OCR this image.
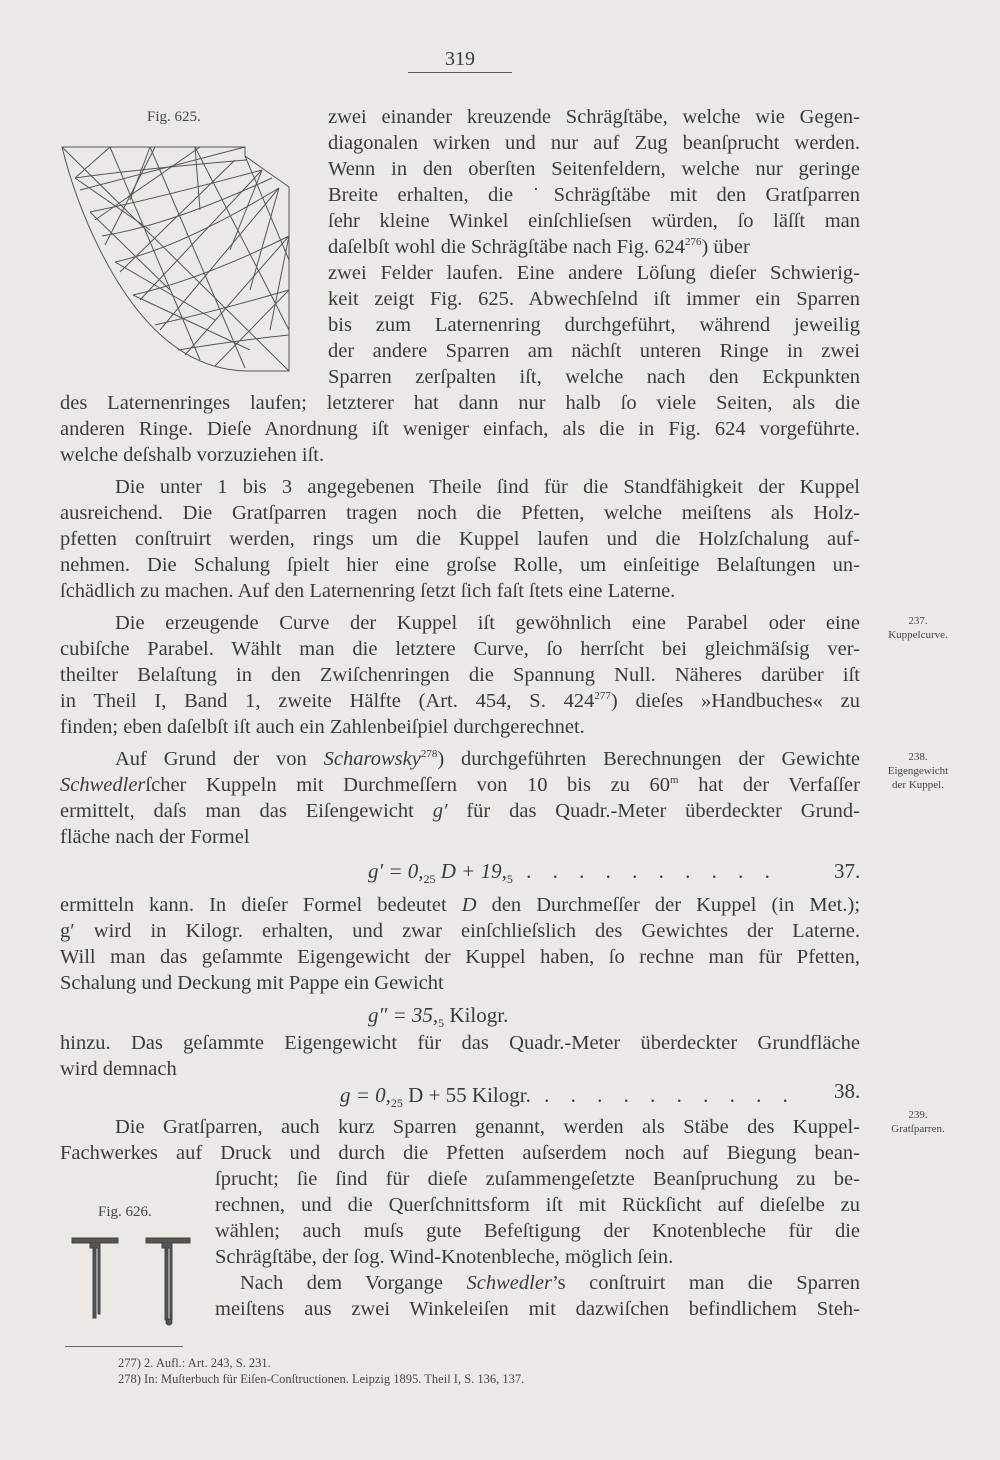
319
Fig. 625.	zwei einander kreuzende Schrägſtäbe, welche wie Gegen-
diagonalen wirken und nur auf Zug beanſprucht werden.
Wenn in den oberſten Seitenfeldern, welche nur geringe
Breite erhalten, die ˙Schrägſtäbe mit den Gratſparren
ſehr kleine Winkel einſchlieſsen würden, ſo läſſt man
daſelbſt wohl die Schrägſtäbe nach Fig. $624^{276}$) über
zwei Felder laufen. Eine andere Löſung dieſer Schwierig-
keit zeigt Fig. 625. Abwechſelnd iſt immer ein Sparren
bis zum Laternenring durchgeführt, während jeweilig
der andere Sparren am nächſt unteren Ringe in zwei
Sparren zerſpalten iſt, welche nach den Eckpunkten
des Laternenringes laufen; letzterer hat dann nur halb ſo viele Seiten, als die
anderen Ringe. Dieſe Anordnung iſt weniger einfach, als die in Fig. 624 vorgeführte.
welche deſshalb vorzuziehen iſt.
Die unter 1 bis 3 angegebenen Theile ſind für die Standfähigkeit der Kuppel
ausreichend. Die Gratſparren tragen noch die Pfetten, welche meiſtens als Holz-
pfetten conſtruirt werden, rings um die Kuppel laufen und die Holzſchalung auf-
nehmen. Die Schalung ſpielt hier eine groſse Rolle, um einſeitige Belaſtungen un-
ſchädlich zu machen. Auf den Laternenring ſetzt ſich faſt ſtets eine Laterne.
Die erzeugende Curve der Kuppel iſt gewöhnlich eine Parabel oder eine
cubiſche Parabel. Wählt man die letztere Curve, ſo herrſcht bei gleichmäſsig ver-
theilter Belaſtung in den Zwiſchenringen die Spannung Null. Näheres darüber iſt
in Theil I, Band 1, zweite Hälfte (Art. 454, S. $424^{277}$) dieſes »Handbuches« zu
finden; eben daſelbſt iſt auch ein Zahlenbeiſpiel durchgerechnet.
Auf Grund der von Scharowsky$^{278}$) durchgeführten Berechnungen der Gewichte
Schwedlerſcher Kuppeln mit Durchmeſſern von 10 bis zu 60$^m$ hat der Verfaſſer
ermittelt, daſs man das Eiſengewicht g′ für das Quadr.-Meter überdeckter Grund-
fläche nach der Formel
$g' = 0,_{25}$ $D + 19,_5$ . . . . . . . . . .	37.
ermitteln kann. In dieſer Formel bedeutet D den Durchmeſſer der Kuppel (in Met.);
g′ wird in Kilogr. erhalten, und zwar einſchlieſslich des Gewichtes der Laterne.
Will man das geſammte Eigengewicht der Kuppel haben, ſo rechne man für Pfetten,
Schalung und Deckung mit Pappe ein Gewicht
$g'' = 35,_5$ Kilogr.
hinzu. Das geſammte Eigengewicht für das Quadr.-Meter überdeckter Grundfläche
wird demnach
$g = 0,_{25}$ D + 55 Kilogr. . . . . . . . . . . 38.
Die Gratſparren, auch kurz Sparren genannt, werden als Stäbe des Kuppel-
Fachwerkes auf Druck und durch die Pfetten auſserdem noch auf Biegung bean-
ſprucht; ſie ſind für dieſe zuſammengeſetzte Beanſpruchung zu be-
rechnen, und die Querſchnittsform iſt mit Rückſicht auf dieſelbe zu
wählen; auch muſs gute Befeſtigung der Knotenbleche für die
Schrägſtäbe, der ſog. Wind-Knotenbleche, möglich ſein.
Nach dem Vorgange Schwedler’s conſtruirt man die Sparren
meiſtens aus zwei Winkeleiſen mit dazwiſchen befindlichem Steh-
Fig. 626.
237.
Kuppelcurve.
238.
Eigengewicht der Kuppel.
239.
Gratſparren.
277) 2. Aufl.: Art. 243, S. 231.
278) In: Muſterbuch für Eiſen-Conſtructionen. Leipzig 1895. Theil I, S. 136, 137.
